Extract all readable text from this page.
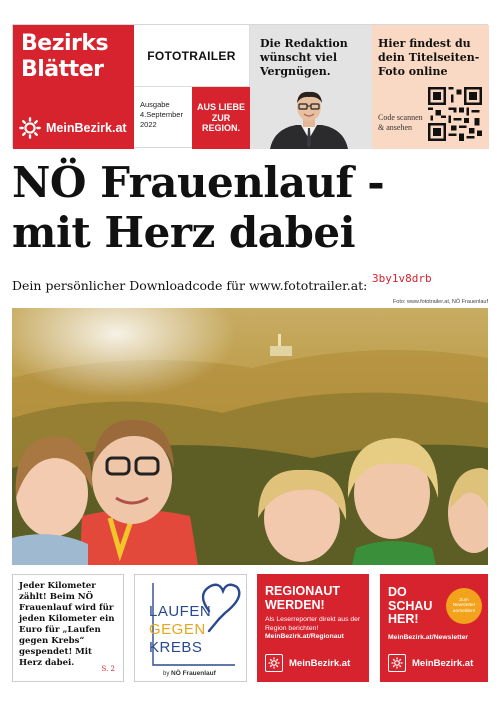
Bezirks
Blätter
MeinBezirk.at
FOTOTRAILER
Ausgabe
4.September 2022
AUS LIEBE
ZUR
REGION.
Die Redaktion wünscht viel Vergnügen.
Hier findest du dein Titelseiten-Foto online
Code scannen & ansehen
NÖ Frauenlauf -
mit Herz dabei
Dein persönlicher Downloadcode für www.fototrailer.at: 3by1v8drb
Foto: www.fototrailer.at, NÖ Frauenlauf
Jeder Kilometer zählt! Beim NÖ Frauenlauf wird für jeden Kilometer ein Euro für „Laufen gegen Krebs“ gespendet! Mit Herz dabei.
S. 2
LAUFEN
GEGEN
KREBS
by NÖ Frauenlauf
REGIONAUT
WERDEN!
Als Leserreporter direkt aus der Region berichten!
MeinBezirk.at/Regionaut
MeinBezirk.at
DO
SCHAU
HER!
Zum Newsletter anmelden!
MeinBezirk.at/Newsletter
MeinBezirk.at
